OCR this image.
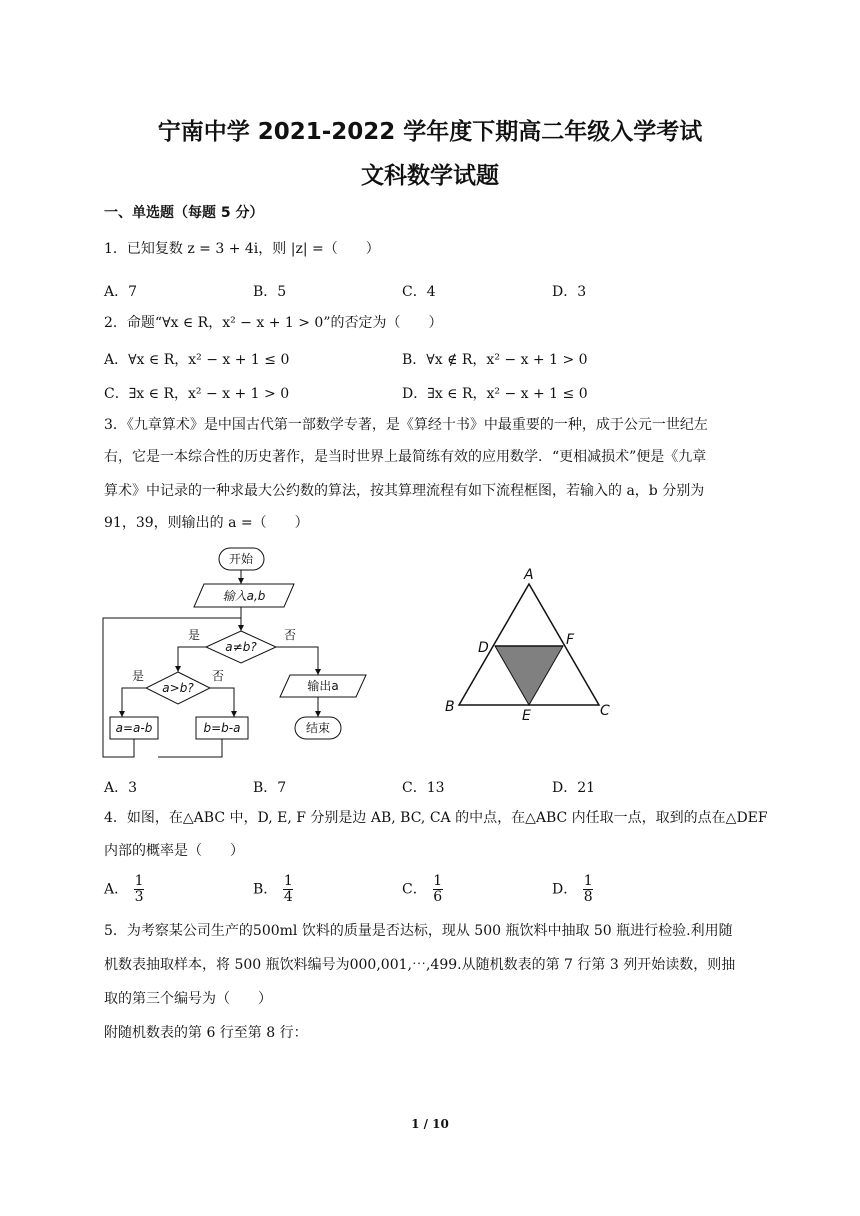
宁南中学 2021-2022 学年度下期高二年级入学考试
文科数学试题
一、单选题（每题 5 分）
1．已知复数 z = 3 + 4i，则 |z| =（　　）
A．7	B．5	C．4	D．3
2．命题“∀x ∈ R，x² − x + 1 > 0”的否定为（　　）
A．∀x ∈ R，x² − x + 1 ≤ 0	B．∀x ∉ R，x² − x + 1 > 0
C．∃x ∈ R，x² − x + 1 > 0	D．∃x ∈ R，x² − x + 1 ≤ 0
3．《九章算术》是中国古代第一部数学专著，是《算经十书》中最重要的一种，成于公元一世纪左
右，它是一本综合性的历史著作，是当时世界上最简练有效的应用数学．“更相减损术”便是《九章
算术》中记录的一种求最大公约数的算法，按其算理流程有如下流程框图，若输入的 a，b 分别为
91，39，则输出的 a =（　　）
开始
输入a,b
a≠b?
是	否
a>b?
是	否
a=a-b	b=b-a
输出a
结束
A
B	C
D
E
F
A．3	B．7	C．13	D．21
4．如图，在△ABC 中，D, E, F 分别是边 AB, BC, CA 的中点，在△ABC 内任取一点，取到的点在△DEF
内部的概率是（　　）
A． $\frac{1}{3}$	B． $\frac{1}{4}$	C． $\frac{1}{6}$	D． $\frac{1}{8}$
5．为考察某公司生产的500ml 饮料的质量是否达标，现从 500 瓶饮料中抽取 50 瓶进行检验.利用随
机数表抽取样本，将 500 瓶饮料编号为000,001,⋯,499.从随机数表的第 7 行第 3 列开始读数，则抽
取的第三个编号为（　　）
附随机数表的第 6 行至第 8 行：
1 / 10
